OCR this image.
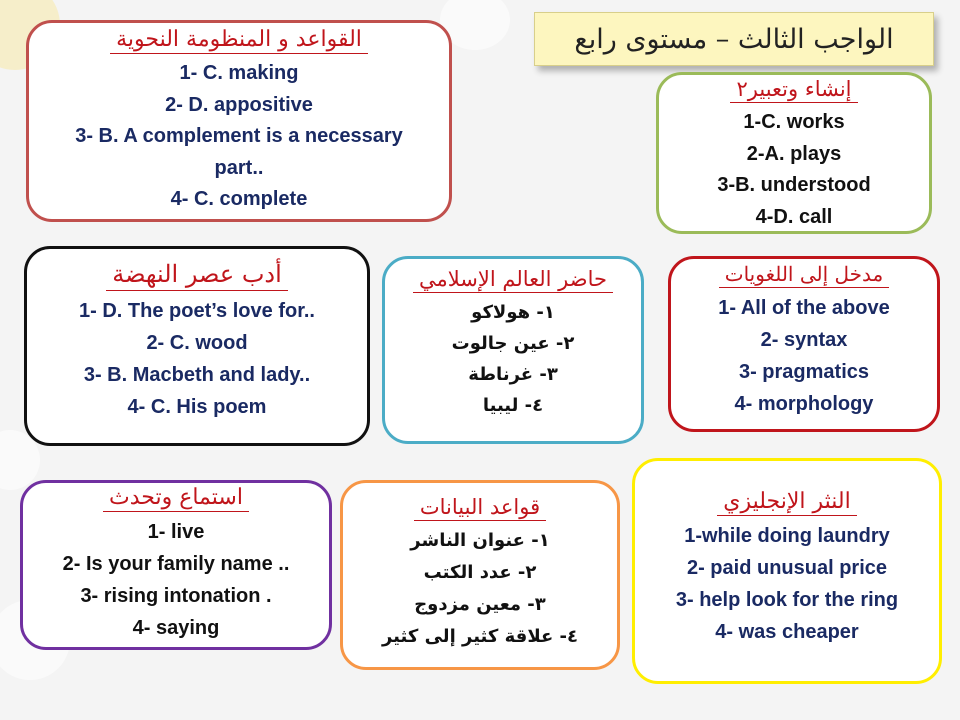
الواجب الثالث – مستوى رابع
القواعد و المنظومة النحوية
1- C. making
2- D. appositive
3- B. A complement is a necessary
part..
4- C. complete
إنشاء وتعبير٢
1-C. works
2-A. plays
3-B. understood
4-D. call
أدب عصر النهضة
1- D. The poet’s love for..
2- C. wood
3- B. Macbeth and lady..
4- C. His poem
حاضر العالم الإسلامي
١- هولاكو
٢- عين جالوت
٣- غرناطة
٤- ليبيا
مدخل إلى اللغويات
1- All of the above
2- syntax
3- pragmatics
4- morphology
استماع وتحدث
1- live
2- Is your family name ..
3- rising intonation .
4- saying
قواعد البيانات
١- عنوان الناشر
٢- عدد الكتب
٣- معين مزدوج
٤- علاقة كثير إلى كثير
النثر الإنجليزي
1-while doing laundry
2- paid unusual price
3- help look for the ring
4- was cheaper
